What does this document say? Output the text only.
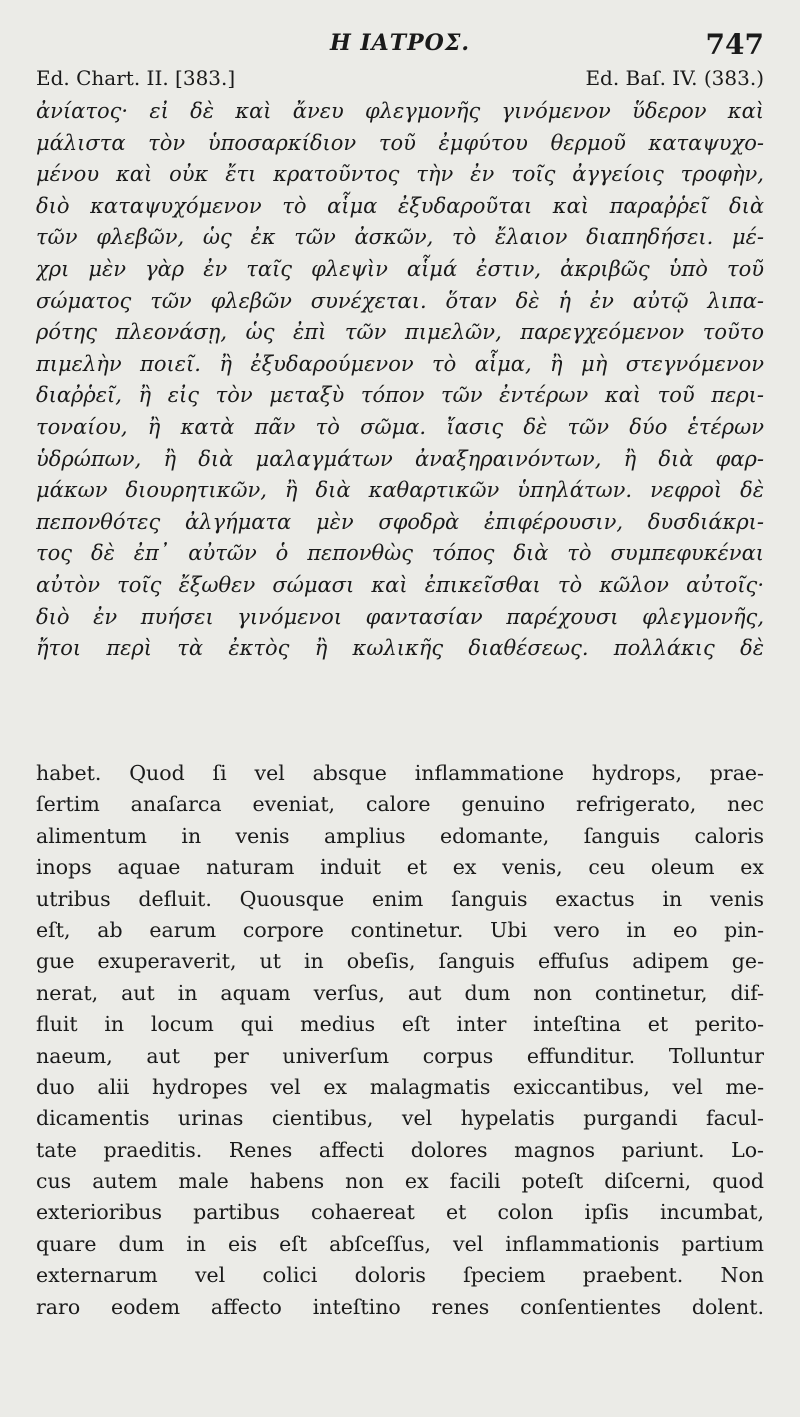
Η ΙΑΤΡΟΣ.	747
Ed. Chart. II. [383.]	Ed. Baſ. IV. (383.)
ἀνίατος· εἰ δὲ καὶ ἄνευ φλεγμονῆς γινόμενον ὕδερον καὶ
μάλιστα τὸν ὑποσαρκίδιον τοῦ ἐμφύτου θερμοῦ καταψυχο-
μένου καὶ οὐκ ἔτι κρατοῦντος τὴν ἐν τοῖς ἀγγείοις τροφὴν,
διὸ καταψυχόμενον τὸ αἷμα ἐξυδαροῦται καὶ παραῤῥεῖ διὰ
τῶν φλεβῶν, ὡς ἐκ τῶν ἀσκῶν, τὸ ἔλαιον διαπηδήσει. μέ-
χρι μὲν γὰρ ἐν ταῖς φλεψὶν αἷμά ἐστιν, ἀκριβῶς ὑπὸ τοῦ
σώματος τῶν φλεβῶν συνέχεται. ὅταν δὲ ἡ ἐν αὐτῷ λιπα-
ρότης πλεονάσῃ, ὡς ἐπὶ τῶν πιμελῶν, παρεγχεόμενον τοῦτο
πιμελὴν ποιεῖ. ἢ ἐξυδαρούμενον τὸ αἷμα, ἢ μὴ στεγνόμενον
διαῤῥεῖ, ἢ εἰς τὸν μεταξὺ τόπον τῶν ἐντέρων καὶ τοῦ περι-
τοναίου, ἢ κατὰ πᾶν τὸ σῶμα. ἴασις δὲ τῶν δύο ἑτέρων
ὑδρώπων, ἢ διὰ μαλαγμάτων ἀναξηραινόντων, ἢ διὰ φαρ-
μάκων διουρητικῶν, ἢ διὰ καθαρτικῶν ὑπηλάτων. νεφροὶ δὲ
πεπονθότες ἀλγήματα μὲν σφοδρὰ ἐπιφέρουσιν, δυσδιάκρι-
τος δὲ ἐπ᾽ αὐτῶν ὁ πεπονθὼς τόπος διὰ τὸ συμπεφυκέναι
αὐτὸν τοῖς ἔξωθεν σώμασι καὶ ἐπικεῖσθαι τὸ κῶλον αὐτοῖς·
διὸ ἐν πυήσει γινόμενοι φαντασίαν παρέχουσι φλεγμονῆς,
ἤτοι περὶ τὰ ἐκτὸς ἢ κωλικῆς διαθέσεως. πολλάκις δὲ
habet. Quod ſi vel absque inflammatione hydrops, prae-
ſertim anaſarca eveniat, calore genuino refrigerato, nec
alimentum in venis amplius edomante, ſanguis caloris
inops aquae naturam induit et ex venis, ceu oleum ex
utribus defluit. Quousque enim ſanguis exactus in venis
eſt, ab earum corpore continetur. Ubi vero in eo pin-
gue exuperaverit, ut in obeſis, ſanguis effuſus adipem ge-
nerat, aut in aquam verſus, aut dum non continetur, dif-
fluit in locum qui medius eſt inter inteſtina et perito-
naeum, aut per univerſum corpus effunditur. Tolluntur
duo alii hydropes vel ex malagmatis exiccantibus, vel me-
dicamentis urinas cientibus, vel hypelatis purgandi facul-
tate praeditis. Renes affecti dolores magnos pariunt. Lo-
cus autem male habens non ex facili poteſt diſcerni, quod
exterioribus partibus cohaereat et colon ipſis incumbat,
quare dum in eis eſt abſceſſus, vel inflammationis partium
externarum vel colici doloris ſpeciem praebent. Non
raro eodem affecto inteſtino renes conſentientes dolent.
